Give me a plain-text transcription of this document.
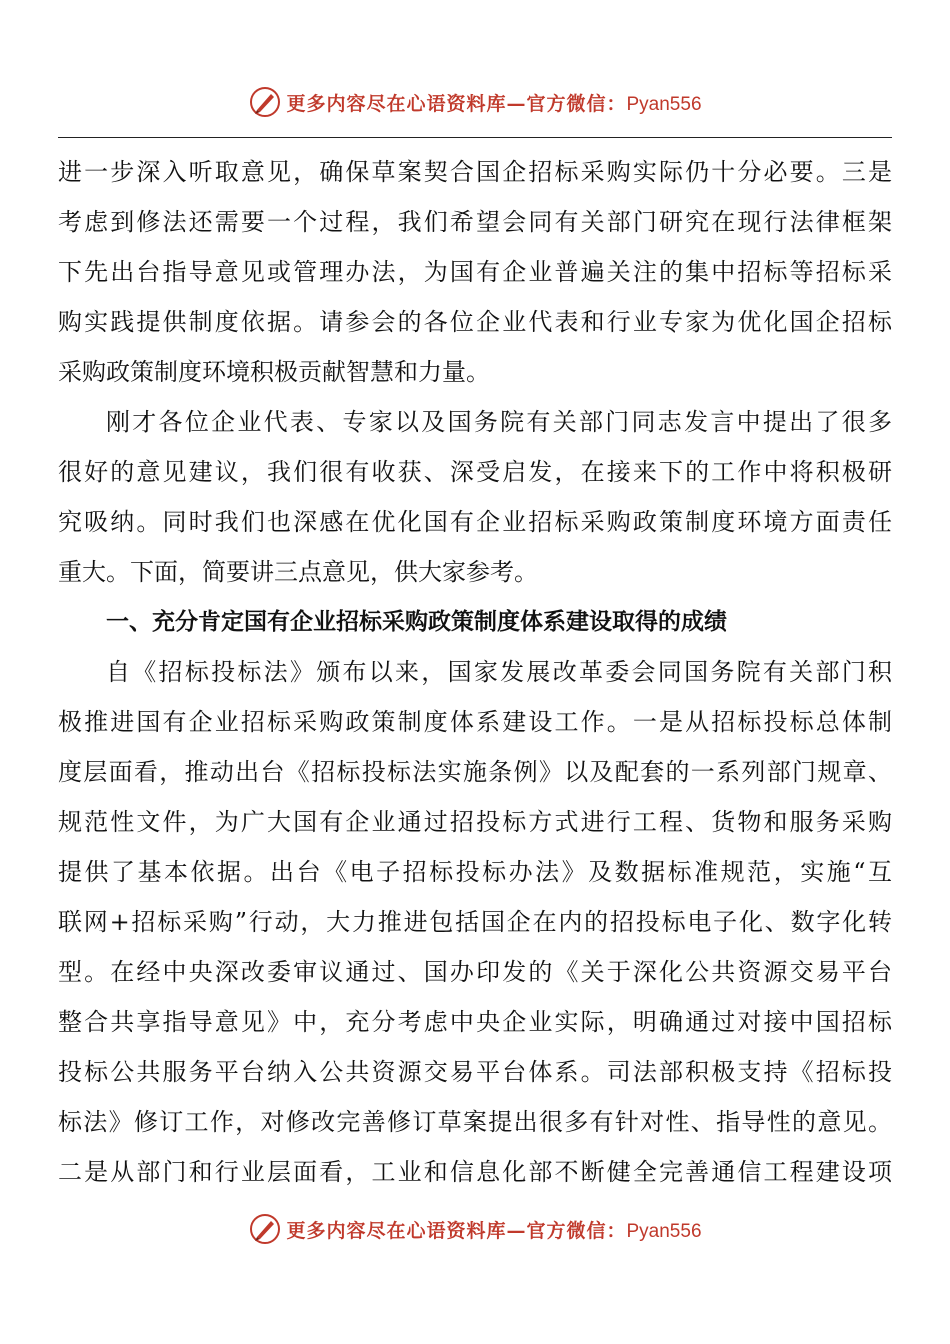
更多内容尽在心语资料库—官方微信：Pyan556
进一步深入听取意见，确保草案契合国企招标采购实际仍十分必要。三是
考虑到修法还需要一个过程，我们希望会同有关部门研究在现行法律框架
下先出台指导意见或管理办法，为国有企业普遍关注的集中招标等招标采
购实践提供制度依据。请参会的各位企业代表和行业专家为优化国企招标
采购政策制度环境积极贡献智慧和力量。
刚才各位企业代表、专家以及国务院有关部门同志发言中提出了很多
很好的意见建议，我们很有收获、深受启发，在接来下的工作中将积极研
究吸纳。同时我们也深感在优化国有企业招标采购政策制度环境方面责任
重大。下面，简要讲三点意见，供大家参考。
一、充分肯定国有企业招标采购政策制度体系建设取得的成绩
自《招标投标法》颁布以来，国家发展改革委会同国务院有关部门积
极推进国有企业招标采购政策制度体系建设工作。一是从招标投标总体制
度层面看，推动出台《招标投标法实施条例》以及配套的一系列部门规章、
规范性文件，为广大国有企业通过招投标方式进行工程、货物和服务采购
提供了基本依据。出台《电子招标投标办法》及数据标准规范，实施“互
联网+招标采购”行动，大力推进包括国企在内的招投标电子化、数字化转
型。在经中央深改委审议通过、国办印发的《关于深化公共资源交易平台
整合共享指导意见》中，充分考虑中央企业实际，明确通过对接中国招标
投标公共服务平台纳入公共资源交易平台体系。司法部积极支持《招标投
标法》修订工作，对修改完善修订草案提出很多有针对性、指导性的意见。
二是从部门和行业层面看，工业和信息化部不断健全完善通信工程建设项
更多内容尽在心语资料库—官方微信：Pyan556
